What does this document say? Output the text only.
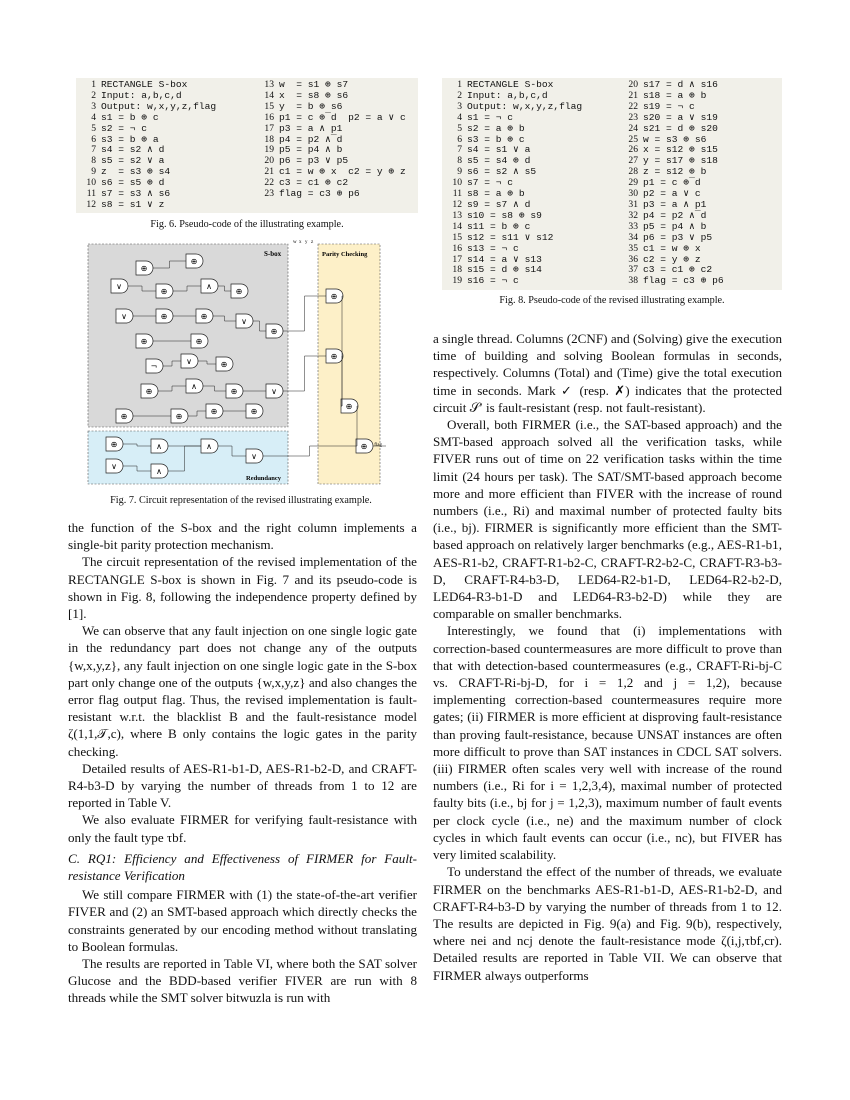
1 RECTANGLE S-box
2 Input: a,b,c,d
3 Output: w,x,y,z,flag
4 s1 = b ⊕ c
5 s2 = ¬ c
6 s3 = b ⊕ a
7 s4 = s2 ∧ d
8 s5 = s2 ∨ a
9 z  = s3 ⊕ s4
10 s6 = s5 ⊕ d
11 s7 = s3 ∧ s6
12 s8 = s1 ∨ z
13 w  = s1 ⊕ s7
14 x  = s8 ⊕ s6
15 y  = b ⊕ s6
16 p1 = c ⊕̅ d  p2 = a ∨ c
17 p3 = a ∧ p1
18 p4 = p2 ∧̅ d
19 p5 = p4 ∧ b
20 p6 = p3 ∨ p5
21 c1 = w ⊕ x  c2 = y ⊕ z
22 c3 = c1 ⊕ c2
23 flag = c3 ⊕ p6
Fig. 6. Pseudo-code of the illustrating example.
1 RECTANGLE S-box
2 Input: a,b,c,d
3 Output: w,x,y,z,flag
4 s1 = ¬ c
5 s2 = a ⊕ b
6 s3 = b ⊕ c
7 s4 = s1 ∨ a
8 s5 = s4 ⊕ d
9 s6 = s2 ∧ s5
10 s7 = ¬ c
11 s8 = a ⊕ b
12 s9 = s7 ∧ d
13 s10 = s8 ⊕ s9
14 s11 = b ⊕ c
15 s12 = s11 ∨ s12
16 s13 = ¬ c
17 s14 = a ∨ s13
18 s15 = d ⊕ s14
19 s16 = ¬ c
20 s17 = d ∧ s16
21 s18 = a ⊕ b
22 s19 = ¬ c
23 s20 = a ∨ s19
24 s21 = d ⊕ s20
25 w = s3 ⊕ s6
26 x = s12 ⊕ s15
27 y = s17 ⊕ s18
28 z = s12 ⊕ b
29 p1 = c ⊕̅ d
30 p2 = a ∨ c
31 p3 = a ∧ p1
32 p4 = p2 ∧̅ d
33 p5 = p4 ∧ b
34 p6 = p3 ∨ p5
35 c1 = w ⊕ x
36 c2 = y ⊕ z
37 c3 = c1 ⊕ c2
38 flag = c3 ⊕ p6
Fig. 8. Pseudo-code of the revised illustrating example.
S-box	Parity Checking
Redundancy
w x y z
flag
⊕
⊕
∨
⊕
∧
⊕
∨	⊕	⊕
∨
⊕
⊕	⊕
¬
∨	⊕
⊕
∧
⊕	∨
⊕	⊕
⊕	⊕
⊕
⊕
⊕
⊕
⊕	∧	∧
∨
∧
∨
Fig. 7. Circuit representation of the revised illustrating example.

the function of the S-box and the right column implements a single-bit parity protection mechanism.

The circuit representation of the revised implementation of the RECTANGLE S-box is shown in Fig. 7 and its pseudo-code is shown in Fig. 8, following the independence property defined by [1].

We can observe that any fault injection on one single logic gate in the redundancy part does not change any of the outputs {w,x,y,z}, any fault injection on one single logic gate in the S-box part only change one of the outputs {w,x,y,z} and also changes the error flag output flag. Thus, the revised implementation is fault-resistant w.r.t. the blacklist B and the fault-resistance model ζ(1,1,𝒯,c), where B only contains the logic gates in the parity checking.

Detailed results of AES-R1-b1-D, AES-R1-b2-D, and CRAFT-R4-b3-D by varying the number of threads from 1 to 12 are reported in Table V.

We also evaluate FIRMER for verifying fault-resistance with only the fault type τbf.

C. RQ1: Efficiency and Effectiveness of FIRMER for Fault-resistance Verification

We still compare FIRMER with (1) the state-of-the-art verifier FIVER and (2) an SMT-based approach which directly checks the constraints generated by our encoding method without translating to Boolean formulas.

The results are reported in Table VI, where both the SAT solver Glucose and the BDD-based verifier FIVER are run with 8 threads while the SMT solver bitwuzla is run with

a single thread. Columns (2CNF) and (Solving) give the execution time of building and solving Boolean formulas in seconds, respectively. Columns (Total) and (Time) give the total execution time in seconds. Mark ✓ (resp. ✗) indicates that the protected circuit 𝒮′ is fault-resistant (resp. not fault-resistant).

Overall, both FIRMER (i.e., the SAT-based approach) and the SMT-based approach solved all the verification tasks, while FIVER runs out of time on 22 verification tasks within the time limit (24 hours per task). The SAT/SMT-based approach become more and more efficient than FIVER with the increase of round numbers (i.e., Ri) and maximal number of protected faulty bits (i.e., bj). FIRMER is significantly more efficient than the SMT-based approach on relatively larger benchmarks (e.g., AES-R1-b1, AES-R1-b2, CRAFT-R1-b2-C, CRAFT-R2-b2-C, CRAFT-R3-b3-D, CRAFT-R4-b3-D, LED64-R2-b1-D, LED64-R2-b2-D, LED64-R3-b1-D and LED64-R3-b2-D) while they are comparable on smaller benchmarks.

Interestingly, we found that (i) implementations with correction-based countermeasures are more difficult to prove than that with detection-based countermeasures (e.g., CRAFT-Ri-bj-C vs. CRAFT-Ri-bj-D, for i = 1,2 and j = 1,2), because implementing correction-based countermeasures require more gates; (ii) FIRMER is more efficient at disproving fault-resistance than proving fault-resistance, because UNSAT instances are often more difficult to prove than SAT instances in CDCL SAT solvers. (iii) FIRMER often scales very well with increase of the round numbers (i.e., Ri for i = 1,2,3,4), maximal number of protected faulty bits (i.e., bj for j = 1,2,3), maximum number of fault events per clock cycle (i.e., ne) and the maximum number of clock cycles in which fault events can occur (i.e., nc), but FIVER has very limited scalability.

To understand the effect of the number of threads, we evaluate FIRMER on the benchmarks AES-R1-b1-D, AES-R1-b2-D, and CRAFT-R4-b3-D by varying the number of threads from 1 to 12. The results are depicted in Fig. 9(a) and Fig. 9(b), respectively, where nei and ncj denote the fault-resistance mode ζ(i,j,τbf,cr). Detailed results are reported in Table VII. We can observe that FIRMER always outperforms
